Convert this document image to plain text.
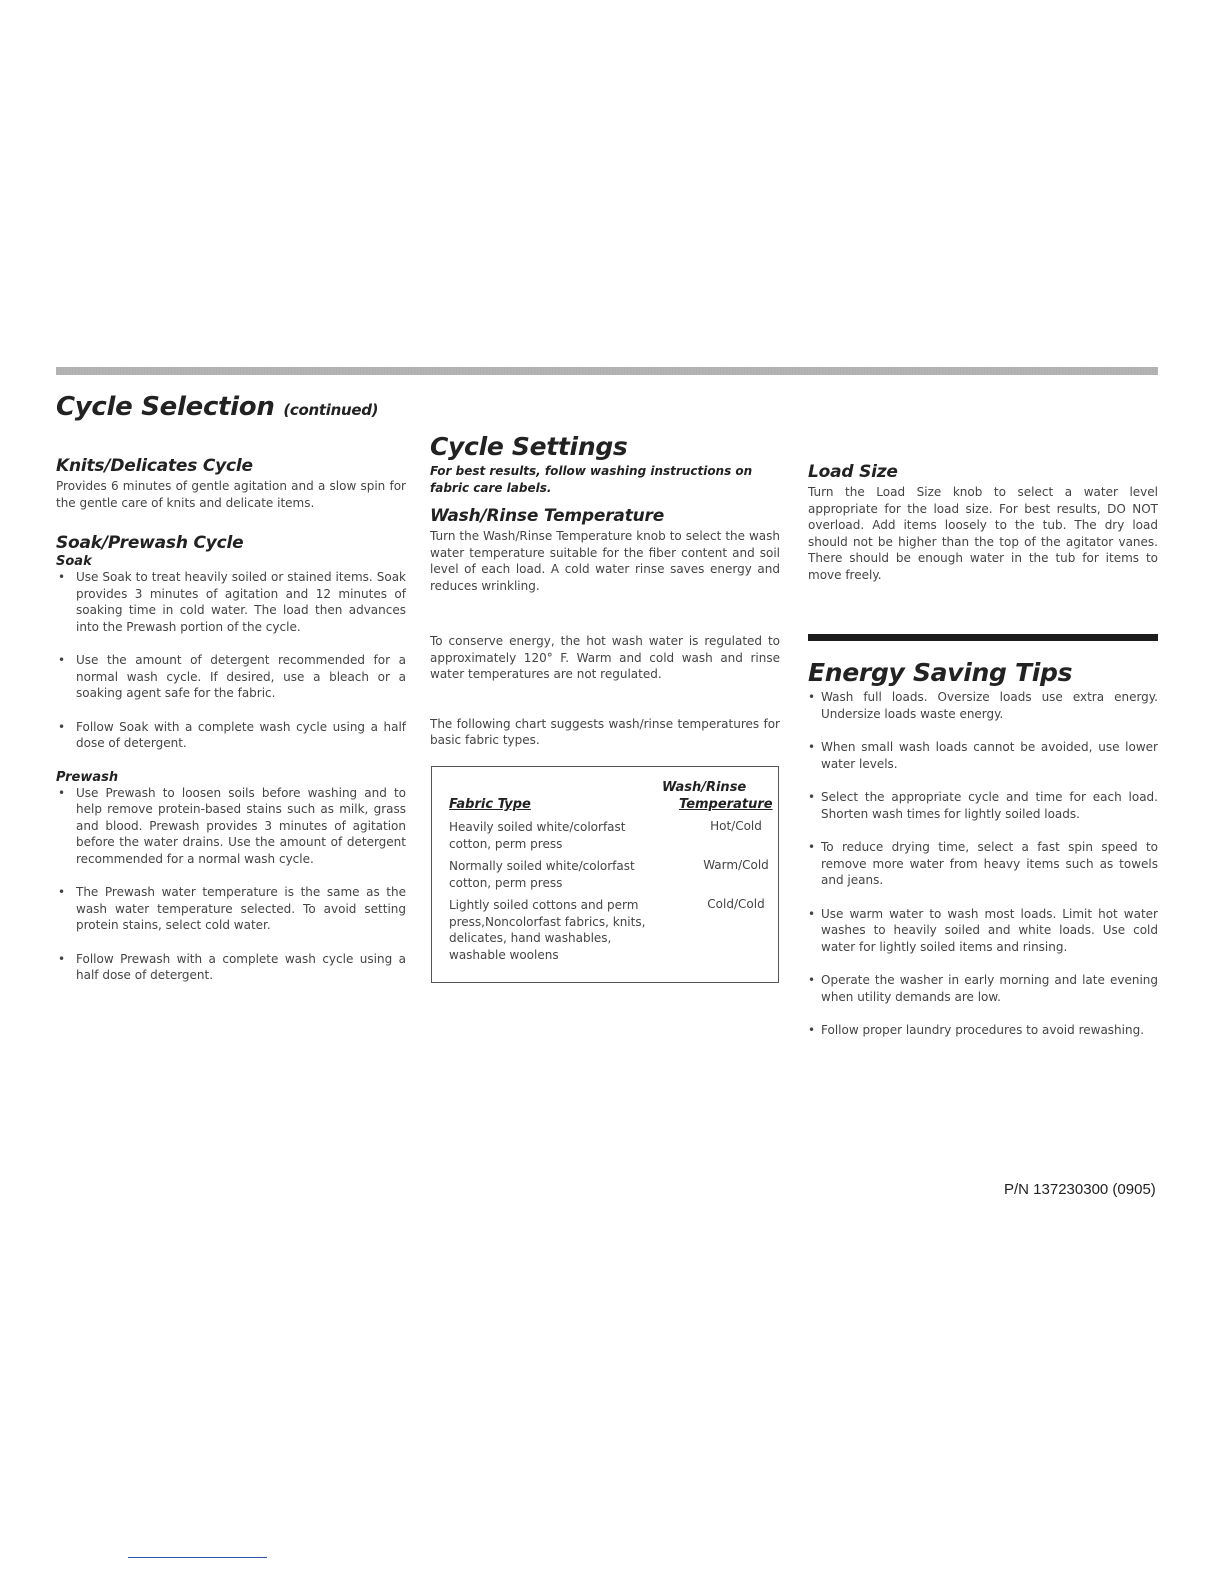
Cycle Selection (continued)
Knits/Delicates Cycle

Provides 6 minutes of gentle agitation and a slow spin for the gentle care of knits and delicate items.

Soak/Prewash Cycle
Soak
• Use Soak to treat heavily soiled or stained items. Soak provides 3 minutes of agitation and 12 minutes of soaking time in cold water. The load then advances into the Prewash portion of the cycle.
• Use the amount of detergent recommended for a normal wash cycle. If desired, use a bleach or a soaking agent safe for the fabric.
• Follow Soak with a complete wash cycle using a half dose of detergent.
Prewash
• Use Prewash to loosen soils before washing and to help remove protein-based stains such as milk, grass and blood. Prewash provides 3 minutes of agitation before the water drains. Use the amount of detergent recommended for a normal wash cycle.
• The Prewash water temperature is the same as the wash water temperature selected. To avoid setting protein stains, select cold water.
• Follow Prewash with a complete wash cycle using a half dose of detergent.
Cycle Settings

For best results, follow washing instructions on fabric care labels.

Wash/Rinse Temperature

Turn the Wash/Rinse Temperature knob to select the wash water temperature suitable for the fiber content and soil level of each load. A cold water rinse saves energy and reduces wrinkling.

To conserve energy, the hot wash water is regulated to approximately 120° F. Warm and cold wash and rinse water temperatures are not regulated.

The following chart suggests wash/rinse temperatures for basic fabric types.

Wash/Rinse
Fabric Type	Temperature
Heavily soiled white/colorfast cotton, perm press
Hot/Cold
Normally soiled white/colorfast cotton, perm press
Warm/Cold
Lightly soiled cottons and perm press,Noncolorfast fabrics, knits, delicates, hand washables, washable woolens
Cold/Cold
Load Size

Turn the Load Size knob to select a water level appropriate for the load size. For best results, DO NOT overload. Add items loosely to the tub. The dry load should not be higher than the top of the agitator vanes. There should be enough water in the tub for items to move freely.

Energy Saving Tips
• Wash full loads. Oversize loads use extra energy. Undersize loads waste energy.
• When small wash loads cannot be avoided, use lower water levels.
• Select the appropriate cycle and time for each load. Shorten wash times for lightly soiled loads.
• To reduce drying time, select a fast spin speed to remove more water from heavy items such as towels and jeans.
• Use warm water to wash most loads. Limit hot water washes to heavily soiled and white loads. Use cold water for lightly soiled items and rinsing.
• Operate the washer in early morning and late evening when utility demands are low.
• Follow proper laundry procedures to avoid rewashing.
P/N 137230300 (0905)
